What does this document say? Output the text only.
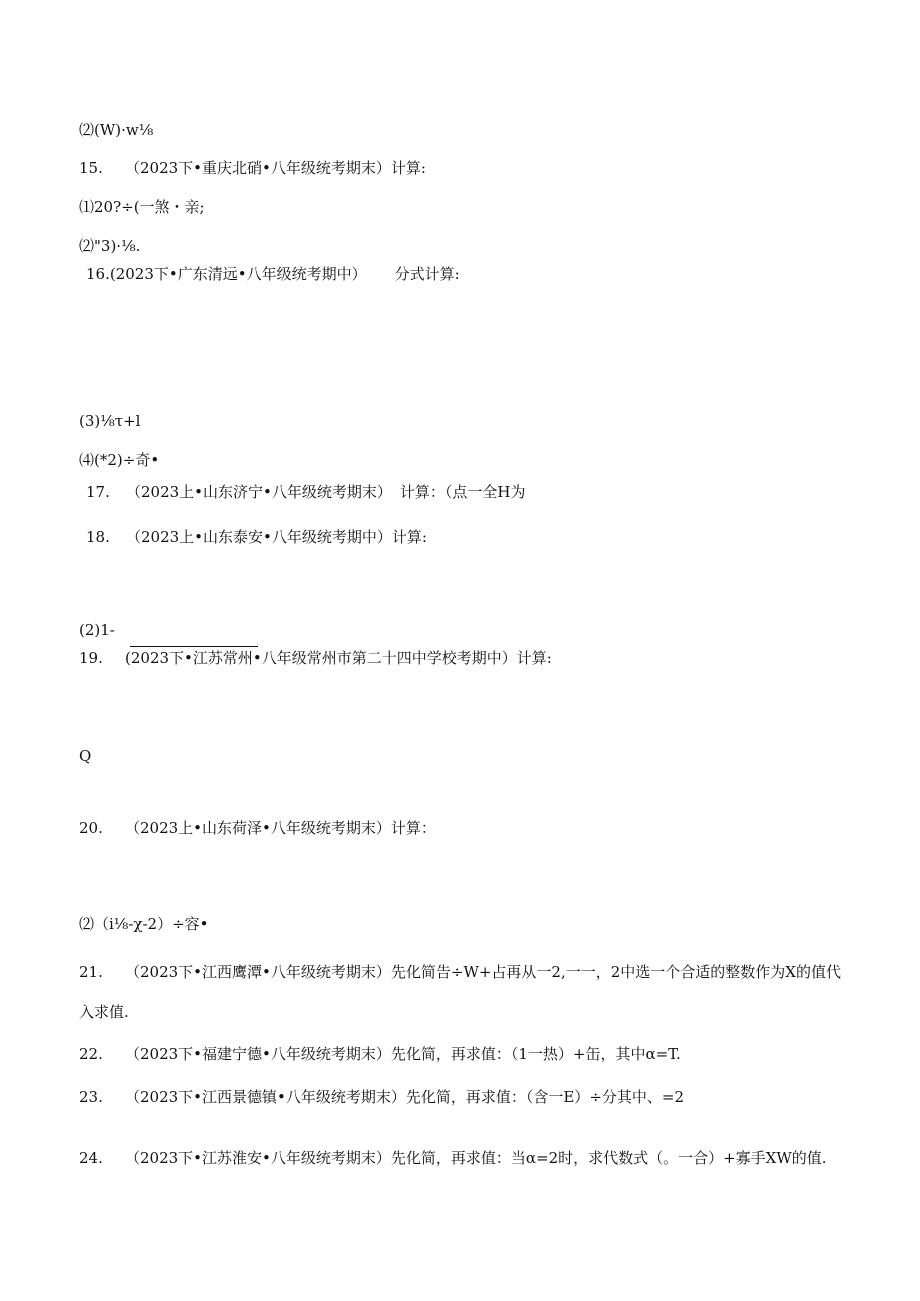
⑵(W)·w⅛
15. （2023下•重庆北硝•八年级统考期末）计算:
⑴20?÷(一煞・亲;
⑵"3)·⅛.
16.(2023下•广东清远•八年级统考期中） 分式计算:
(3)⅛τ+l
⑷(*2)÷奇•
17. （2023上•山东济宁•八年级统考期末） 计算：（点一全H为
18. （2023上•山东泰安•八年级统考期中）计算:
(2)1-
19. (2023下•江苏常州•八年级常州市第二十四中学校考期中）计算:
Q
20. （2023上•山东荷泽•八年级统考期末）计算：
⑵（i⅛-χ-2）÷容•
21. （2023下•江西鹰潭•八年级统考期末）先化简告÷W+占再从一2,一一，2中选一个合适的整数作为X的值代
入求值.
22. （2023下•福建宁德•八年级统考期末）先化简，再求值：（1一热）+缶，其中α=T.
23. （2023下•江西景德镇•八年级统考期末）先化简，再求值：（含一E）÷分其中、=2
24. （2023下•江苏淮安•八年级统考期末）先化简，再求值：当α=2时，求代数式（。一合）+寡手XW的值.
